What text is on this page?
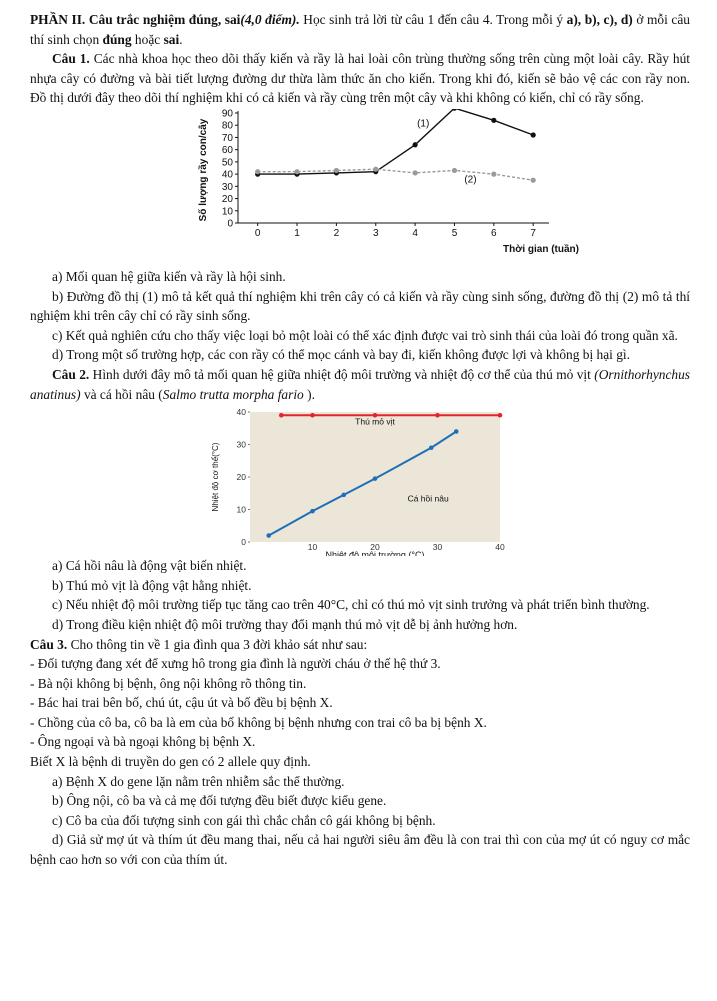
PHẦN II. Câu trắc nghiệm đúng, sai(4,0 điểm). Học sinh trả lời từ câu 1 đến câu 4. Trong mỗi ý a), b), c), d) ở mỗi câu thí sinh chọn đúng hoặc sai.

Câu 1. Các nhà khoa học theo dõi thấy kiến và rầy là hai loài côn trùng thường sống trên cùng một loài cây. Rầy hút nhựa cây có đường và bài tiết lượng đường dư thừa làm thức ăn cho kiến. Trong khi đó, kiến sẽ bảo vệ các con rầy non. Đồ thị dưới đây theo dõi thí nghiệm khi có cả kiến và rầy cùng trên một cây và khi không có kiến, chỉ có rầy sống.

0
10
20
30
40
50
60
70
80
90
0	1	2	3	4	5	6	7
Thời gian (tuần)
Số lượng rầy con/cây	(1)
(2)

a) Mối quan hệ giữa kiến và rầy là hội sinh.

b) Đường đồ thị (1) mô tả kết quả thí nghiệm khi trên cây có cả kiến và rầy cùng sinh sống, đường đồ thị (2) mô tả thí nghiệm khi trên cây chỉ có rầy sinh sống.

c) Kết quả nghiên cứu cho thấy việc loại bỏ một loài có thể xác định được vai trò sinh thái của loài đó trong quần xã.

d) Trong một số trường hợp, các con rầy có thể mọc cánh và bay đi, kiến không được lợi và không bị hại gì.

Câu 2. Hình dưới đây mô tả mối quan hệ giữa nhiệt độ môi trường và nhiệt độ cơ thể của thú mỏ vịt (Ornithorhynchus anatinus) và cá hồi nâu (Salmo trutta morpha fario ).

0
10
20
30
40
10	20	30	40
Nhiệt độ môi trường (°C)
Nhiệt độ cơ thể(°C)
Thú mỏ vịt
Cá hồi nâu

a) Cá hồi nâu là động vật biến nhiệt.

b) Thú mỏ vịt là động vật hằng nhiệt.

c) Nếu nhiệt độ môi trường tiếp tục tăng cao trên 40°C, chỉ có thú mỏ vịt sinh trưởng và phát triển bình thường.

d) Trong điều kiện nhiệt độ môi trường thay đổi mạnh thú mỏ vịt dễ bị ảnh hưởng hơn.

Câu 3. Cho thông tin về 1 gia đình qua 3 đời khảo sát như sau:

- Đối tượng đang xét để xưng hô trong gia đình là người cháu ở thế hệ thứ 3.

- Bà nội không bị bệnh, ông nội không rõ thông tin.

- Bác hai trai bên bố, chú út, cậu út và bố đều bị bệnh X.

- Chồng của cô ba, cô ba là em của bố không bị bệnh nhưng con trai cô ba bị bệnh X.

- Ông ngoại và bà ngoại không bị bệnh X.

Biết X là bệnh di truyền do gen có 2 allele quy định.

a) Bệnh X do gene lặn nằm trên nhiễm sắc thể thường.

b) Ông nội, cô ba và cả mẹ đối tượng đều biết được kiểu gene.

c) Cô ba của đối tượng sinh con gái thì chắc chắn cô gái không bị bệnh.

d) Giả sử mợ út và thím út đều mang thai, nếu cả hai người siêu âm đều là con trai thì con của mợ út có nguy cơ mắc bệnh cao hơn so với con của thím út.
